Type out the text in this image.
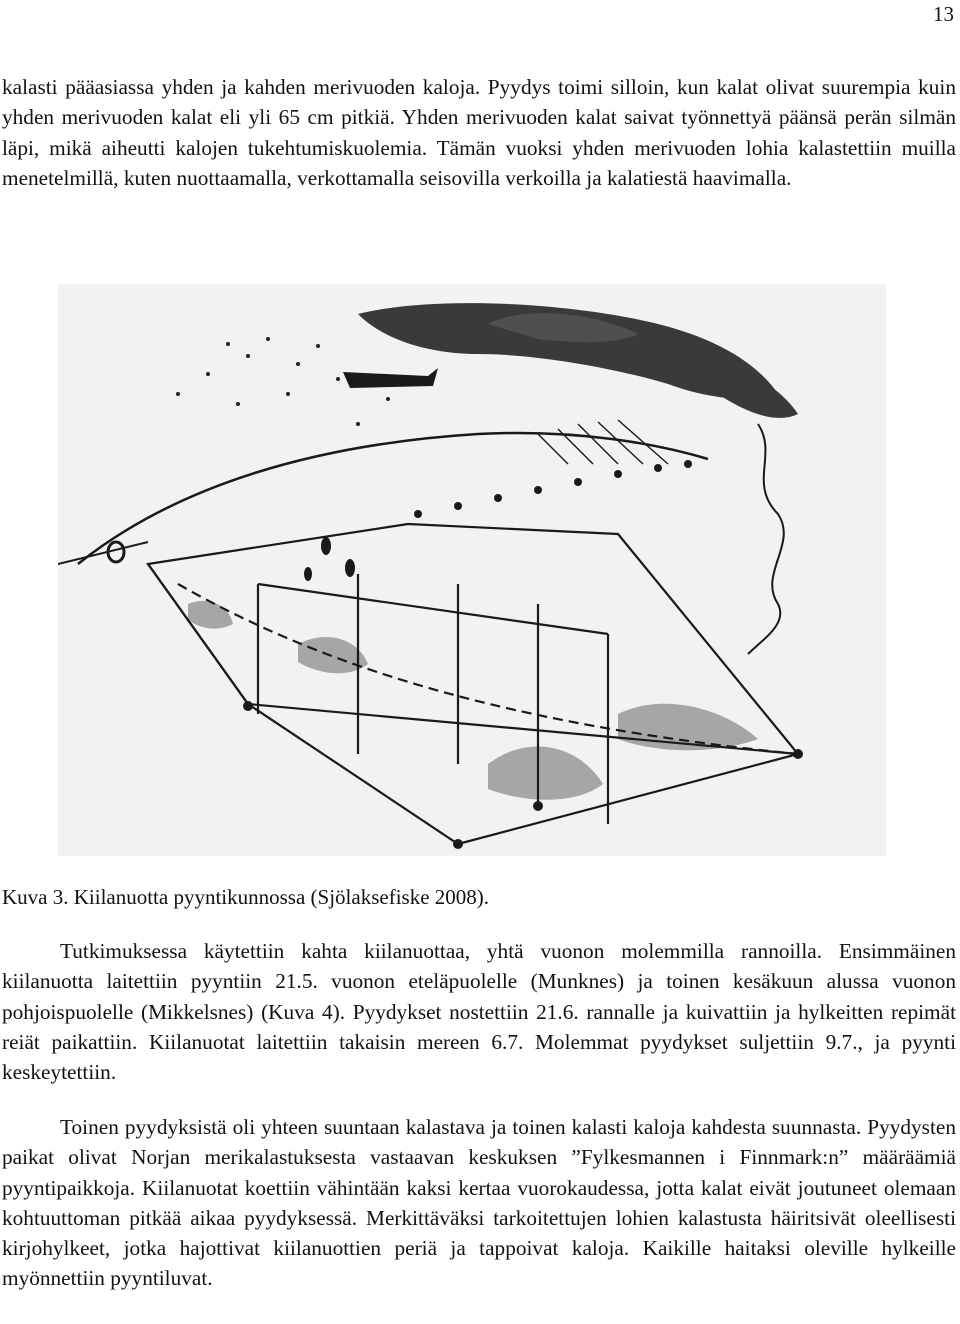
13

kalasti pääasiassa yhden ja kahden merivuoden kaloja. Pyydys toimi silloin, kun kalat olivat suurempia kuin yhden merivuoden kalat eli yli 65 cm pitkiä. Yhden merivuoden kalat saivat työnnettyä päänsä perän silmän läpi, mikä aiheutti kalojen tukehtumiskuolemia. Tämän vuoksi yhden merivuoden lohia kalastettiin muilla menetelmillä, kuten nuottaamalla, verkottamalla seisovilla verkoilla ja kalatiestä haavimalla.

Kuva 3. Kiilanuotta pyyntikunnossa (Sjölaksefiske 2008).

Tutkimuksessa käytettiin kahta kiilanuottaa, yhtä vuonon molemmilla rannoilla. Ensimmäinen kiilanuotta laitettiin pyyntiin 21.5. vuonon eteläpuolelle (Munknes) ja toinen kesäkuun alussa vuonon pohjoispuolelle (Mikkelsnes) (Kuva 4). Pyydykset nostettiin 21.6. rannalle ja kuivattiin ja hylkeitten repimät reiät paikattiin. Kiilanuotat laitettiin takaisin mereen 6.7. Molemmat pyydykset suljettiin 9.7., ja pyynti keskeytettiin.

Toinen pyydyksistä oli yhteen suuntaan kalastava ja toinen kalasti kaloja kahdesta suunnasta. Pyydysten paikat olivat Norjan merikalastuksesta vastaavan keskuksen ”Fylkesmannen i Finnmark:n” määräämiä pyyntipaikkoja. Kiilanuotat koettiin vähintään kaksi kertaa vuorokaudessa, jotta kalat eivät joutuneet olemaan kohtuuttoman pitkää aikaa pyydyksessä. Merkittäväksi tarkoitettujen lohien kalastusta häiritsivät oleellisesti kirjohylkeet, jotka hajottivat kiilanuottien periä ja tappoivat kaloja. Kaikille haitaksi oleville hylkeille myönnettiin pyyntiluvat.
